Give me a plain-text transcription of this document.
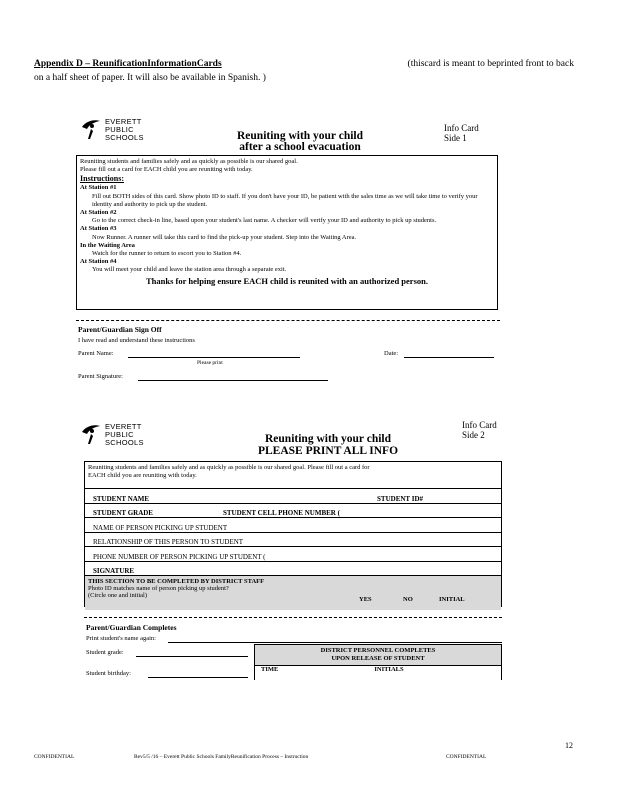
Appendix D – ReunificationInformationCards	(thiscard is meant to beprinted front to back
on a half sheet of paper. It will also be available in Spanish. )
EVERETT
PUBLIC
SCHOOLS	Reuniting with your child
after a school evacuation
Info Card
Side 1
Reuniting students and families safely and as quickly as possible is our shared goal.
Please fill out a card for EACH child you are reuniting with today.
Instructions:
At Station #1
Fill out BOTH sides of this card. Show photo ID to staff. If you don't have your ID, be patient with the sales time as we will take time to verify your identity and authority to pick up the student.
At Station #2
Go to the correct check-in line, based upon your student's last name. A checker will verify your ID and authority to pick up students.
At Station #3
Now Runner. A runner will take this card to find the pick-up your student. Step into the Waiting Area.
In the Waiting Area
Watch for the runner to return to escort you to Station #4.
At Station #4
You will meet your child and leave the station area through a separate exit.
Thanks for helping ensure EACH child is reunited with an authorized person.
Parent/Guardian Sign Off
I have read and understand these instructions
Parent Name:
Please print
Date:
Parent Signature:
EVERETT
PUBLIC
SCHOOLS	Reuniting with your child
PLEASE PRINT ALL INFO
Info Card
Side 2
Reuniting students and families safely and as quickly as possible is our shared goal. Please fill out a card for
EACH child you are reuniting with today.
STUDENT NAME	STUDENT ID#
STUDENT GRADE	STUDENT CELL PHONE NUMBER (
NAME OF PERSON PICKING UP STUDENT
RELATIONSHIP OF THIS PERSON TO STUDENT
PHONE NUMBER OF PERSON PICKING UP STUDENT (
SIGNATURE
THIS SECTION TO BE COMPLETED BY DISTRICT STAFF
Photo ID matches name of person picking up student?
(Circle one and initial)
YES	NO	INITIAL
Parent/Guardian Completes
Print student's name again:
Student grade:
Student birthday:
DISTRICT PERSONNEL COMPLETES
UPON RELEASE OF STUDENT
TIME	INITIALS
12
CONFIDENTIAL	Rev5/5 /16 – Everett Public Schools FamilyReunification Process – Instruction	CONFIDENTIAL
